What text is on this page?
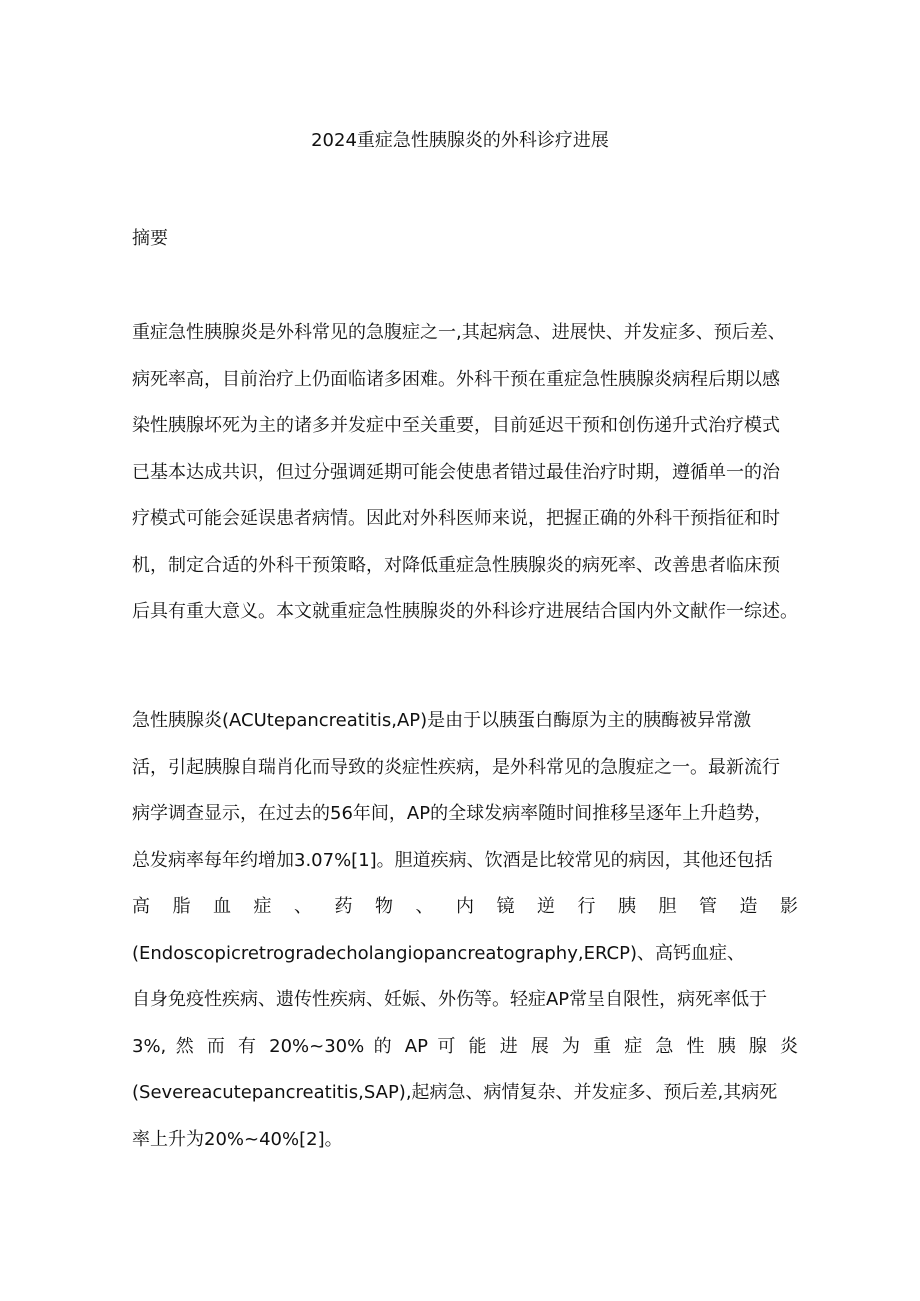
2024重症急性胰腺炎的外科诊疗进展
摘要
重症急性胰腺炎是外科常见的急腹症之一,其起病急、进展快、并发症多、预后差、
病死率高，目前治疗上仍面临诸多困难。外科干预在重症急性胰腺炎病程后期以感
染性胰腺坏死为主的诸多并发症中至关重要，目前延迟干预和创伤递升式治疗模式
已基本达成共识，但过分强调延期可能会使患者错过最佳治疗时期，遵循单一的治
疗模式可能会延误患者病情。因此对外科医师来说，把握正确的外科干预指征和时
机，制定合适的外科干预策略，对降低重症急性胰腺炎的病死率、改善患者临床预
后具有重大意义。本文就重症急性胰腺炎的外科诊疗进展结合国内外文献作一综述。
急性胰腺炎(ACUtepancreatitis,AP)是由于以胰蛋白酶原为主的胰酶被异常激
活，引起胰腺自瑞肖化而导致的炎症性疾病，是外科常见的急腹症之一。最新流行
病学调查显示，在过去的56年间，AP的全球发病率随时间推移呈逐年上升趋势，
总发病率每年约增加3.07%[1]。胆道疾病、饮酒是比较常见的病因，其他还包括
高 脂 血 症 、 药 物 、 内 镜 逆 行 胰 胆 管 造 影
(Endoscopicretrogradecholangiopancreatography,ERCP)、高钙血症、
自身免疫性疾病、遗传性疾病、妊娠、外伤等。轻症AP常呈自限性，病死率低于
3%, 然 而 有 20%~30% 的 AP 可 能 进 展 为 重 症 急 性 胰 腺 炎
(Severeacutepancreatitis,SAP),起病急、病情复杂、并发症多、预后差,其病死
率上升为20%~40%[2]。
